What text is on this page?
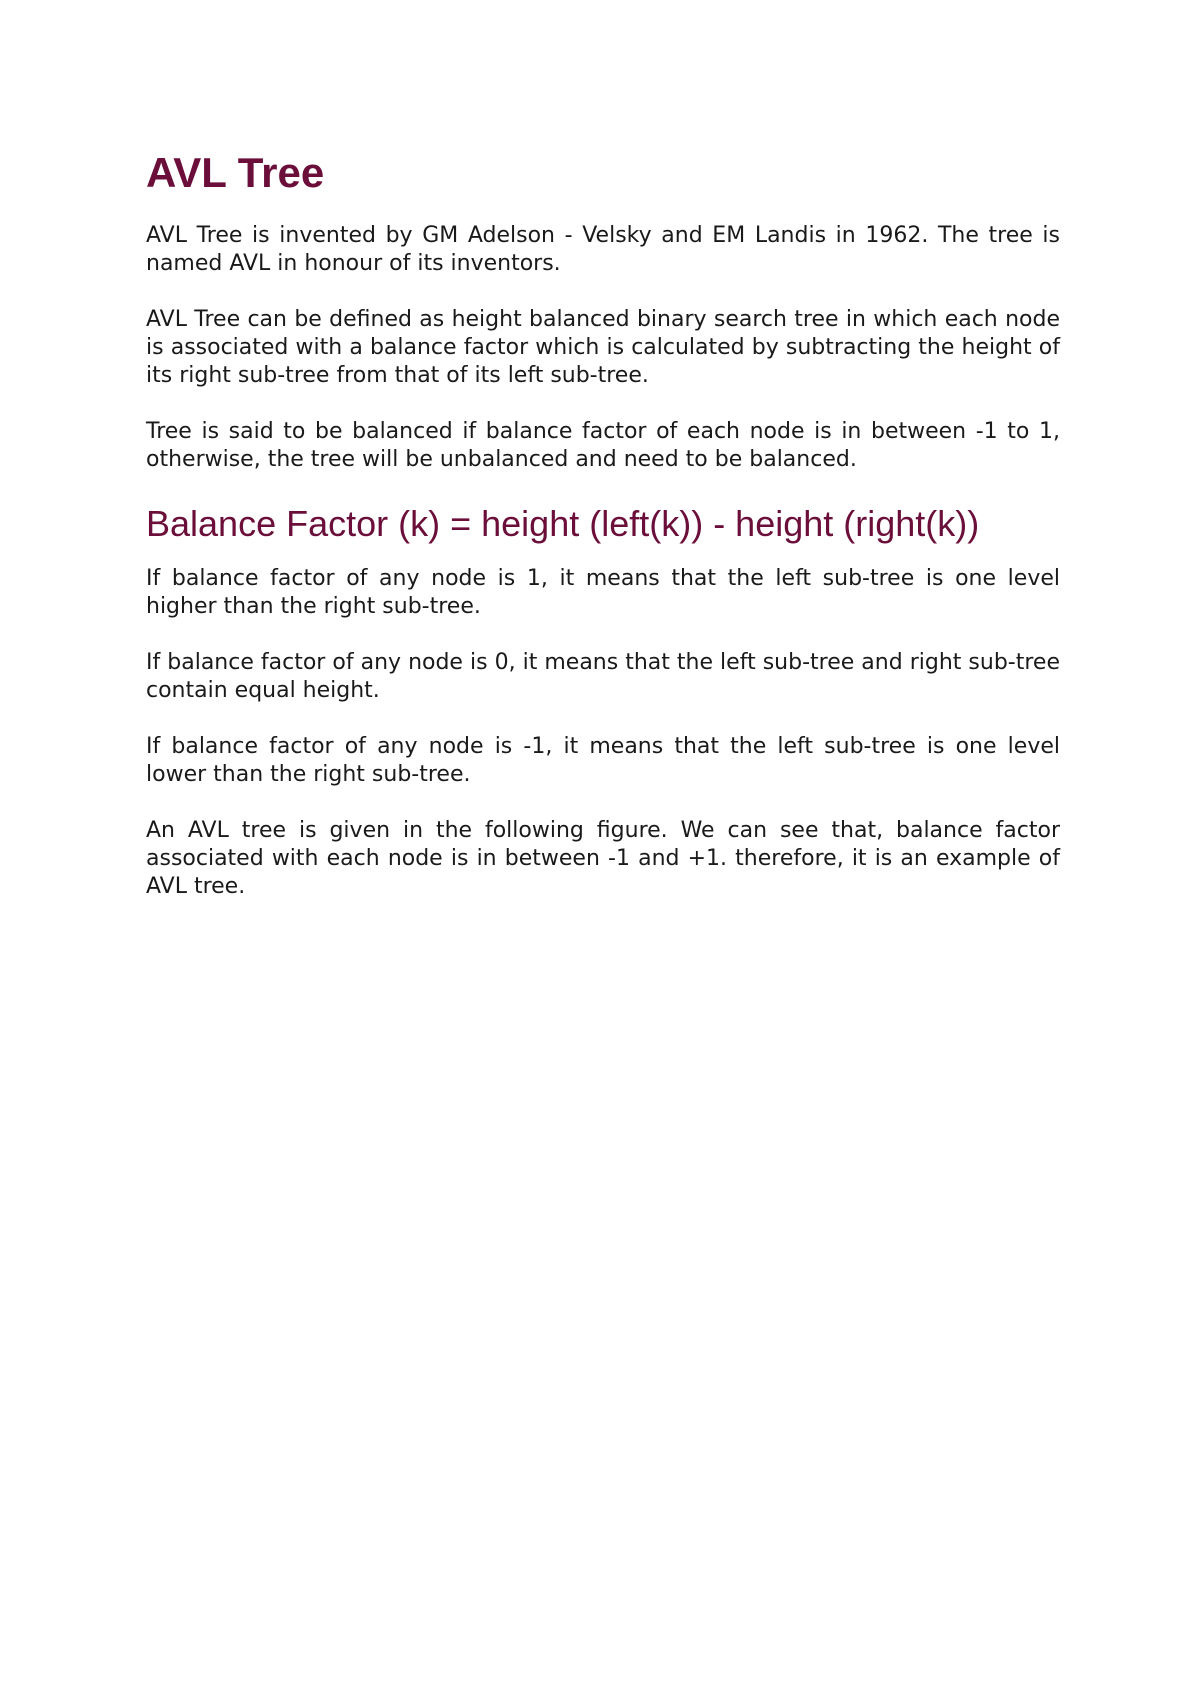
AVL Tree

AVL Tree is invented by GM Adelson - Velsky and EM Landis in 1962. The tree is named AVL in honour of its inventors.

AVL Tree can be defined as height balanced binary search tree in which each node is associated with a balance factor which is calculated by subtracting the height of its right sub-tree from that of its left sub-tree.

Tree is said to be balanced if balance factor of each node is in between -1 to 1, otherwise, the tree will be unbalanced and need to be balanced.

Balance Factor (k) = height (left(k)) - height (right(k))

If balance factor of any node is 1, it means that the left sub-tree is one level higher than the right sub-tree.

If balance factor of any node is 0, it means that the left sub-tree and right sub-tree contain equal height.

If balance factor of any node is -1, it means that the left sub-tree is one level lower than the right sub-tree.

An AVL tree is given in the following figure. We can see that, balance factor associated with each node is in between -1 and +1. therefore, it is an example of AVL tree.
